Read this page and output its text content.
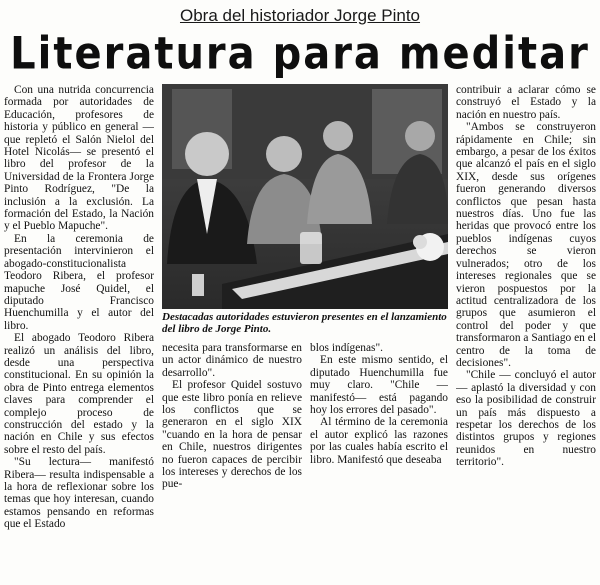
Obra del historiador Jorge Pinto
Literatura para meditar

Con una nutrida concurrencia formada por autoridades de Educación, profesores de historia y público en general — que repletó el Salón Nielol del Hotel Nicolás— se presentó el libro del profesor de la Universidad de la Frontera Jorge Pinto Rodríguez, "De la inclusión a la exclusión. La formación del Estado, la Nación y el Pueblo Mapuche".

En la ceremonia de presentación intervinieron el abogado-constitucionalista Teodoro Ribera, el profesor mapuche José Quidel, el diputado Francisco Huenchumilla y el autor del libro.

El abogado Teodoro Ribera realizó un análisis del libro, desde una perspectiva constitucional. En su opinión la obra de Pinto entrega elementos claves para comprender el complejo proceso de construcción del estado y la nación en Chile y sus efectos sobre el resto del país.

"Su lectura— manifestó Ribera— resulta indispensable a la hora de reflexionar sobre los temas que hoy interesan, cuando estamos pensando en reformas que el Estado

Destacadas autoridades estuvieron presentes en el lanzamiento del libro de Jorge Pinto.

necesita para transformarse en un actor dinámico de nuestro desarrollo".

El profesor Quidel sostuvo que este libro ponía en relieve los conflictos que se generaron en el siglo XIX "cuando en la hora de pensar en Chile, nuestros dirigentes no fueron capaces de percibir los intereses y derechos de los pue-

blos indígenas".

En este mismo sentido, el diputado Huenchumilla fue muy claro. "Chile — manifestó— está pagando hoy los errores del pasado".

Al término de la ceremonia el autor explicó las razones por las cuales había escrito el libro. Manifestó que deseaba

contribuir a aclarar cómo se construyó el Estado y la nación en nuestro país.

"Ambos se construyeron rápidamente en Chile; sin embargo, a pesar de los éxitos que alcanzó el país en el siglo XIX, desde sus orígenes fueron generando diversos conflictos que pesan hasta nuestros días. Uno fue las heridas que provocó entre los pueblos indígenas cuyos derechos se vieron vulnerados; otro de los intereses regionales que se vieron pospuestos por la actitud centralizadora de los grupos que asumieron el control del poder y que transformaron a Santiago en el centro de la toma de decisiones".

"Chile — concluyó el autor— aplastó la diversidad y con eso la posibilidad de construir un país más dispuesto a respetar los derechos de los distintos grupos y regiones reunidos en nuestro territorio".
